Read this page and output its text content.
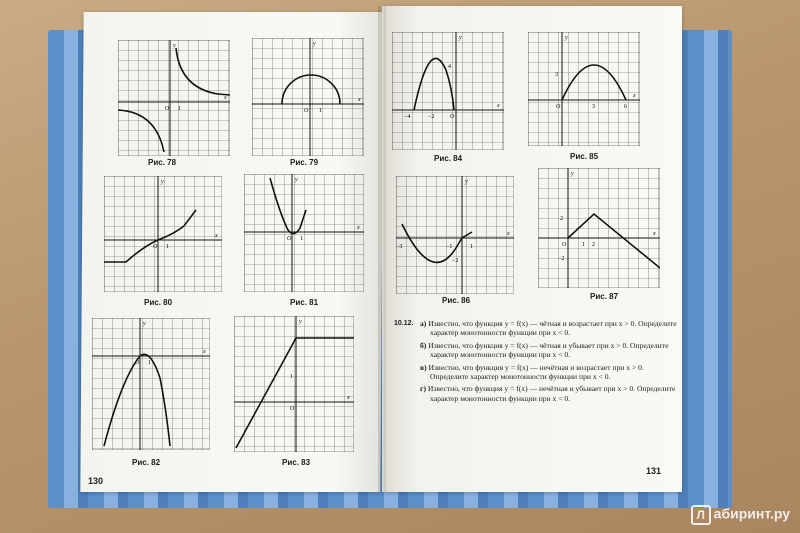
O 1
y
x
Рис. 78
O 1
y
x
Рис. 79
O 1
y
x
Рис. 80
O 1
y
x
Рис. 81
O 1
y
x
Рис. 82
O
1
y
x
Рис. 83
130
4
−4	−2	O
y
x
Рис. 84
3
3	6
O
y
x
Рис. 85
−3	−1	1
−2
y
x
Рис. 86
2
1 2
−2
O
y
x
Рис. 87
10.12. а) Известно, что функция y = f(x) — чётная и возрастает при x > 0. Определите характер монотонности функции при x < 0.
б) Известно, что функция y = f(x) — чётная и убывает при x > 0. Определите характер монотонности функции при x < 0.
в) Известно, что функция y = f(x) — нечётная и возрастает при x > 0. Определите характер монотонности функции при x < 0.
г) Известно, что функция y = f(x) — нечётная и убывает при x > 0. Определите характер монотонности функции при x < 0.
131
Л абиринт.ру
